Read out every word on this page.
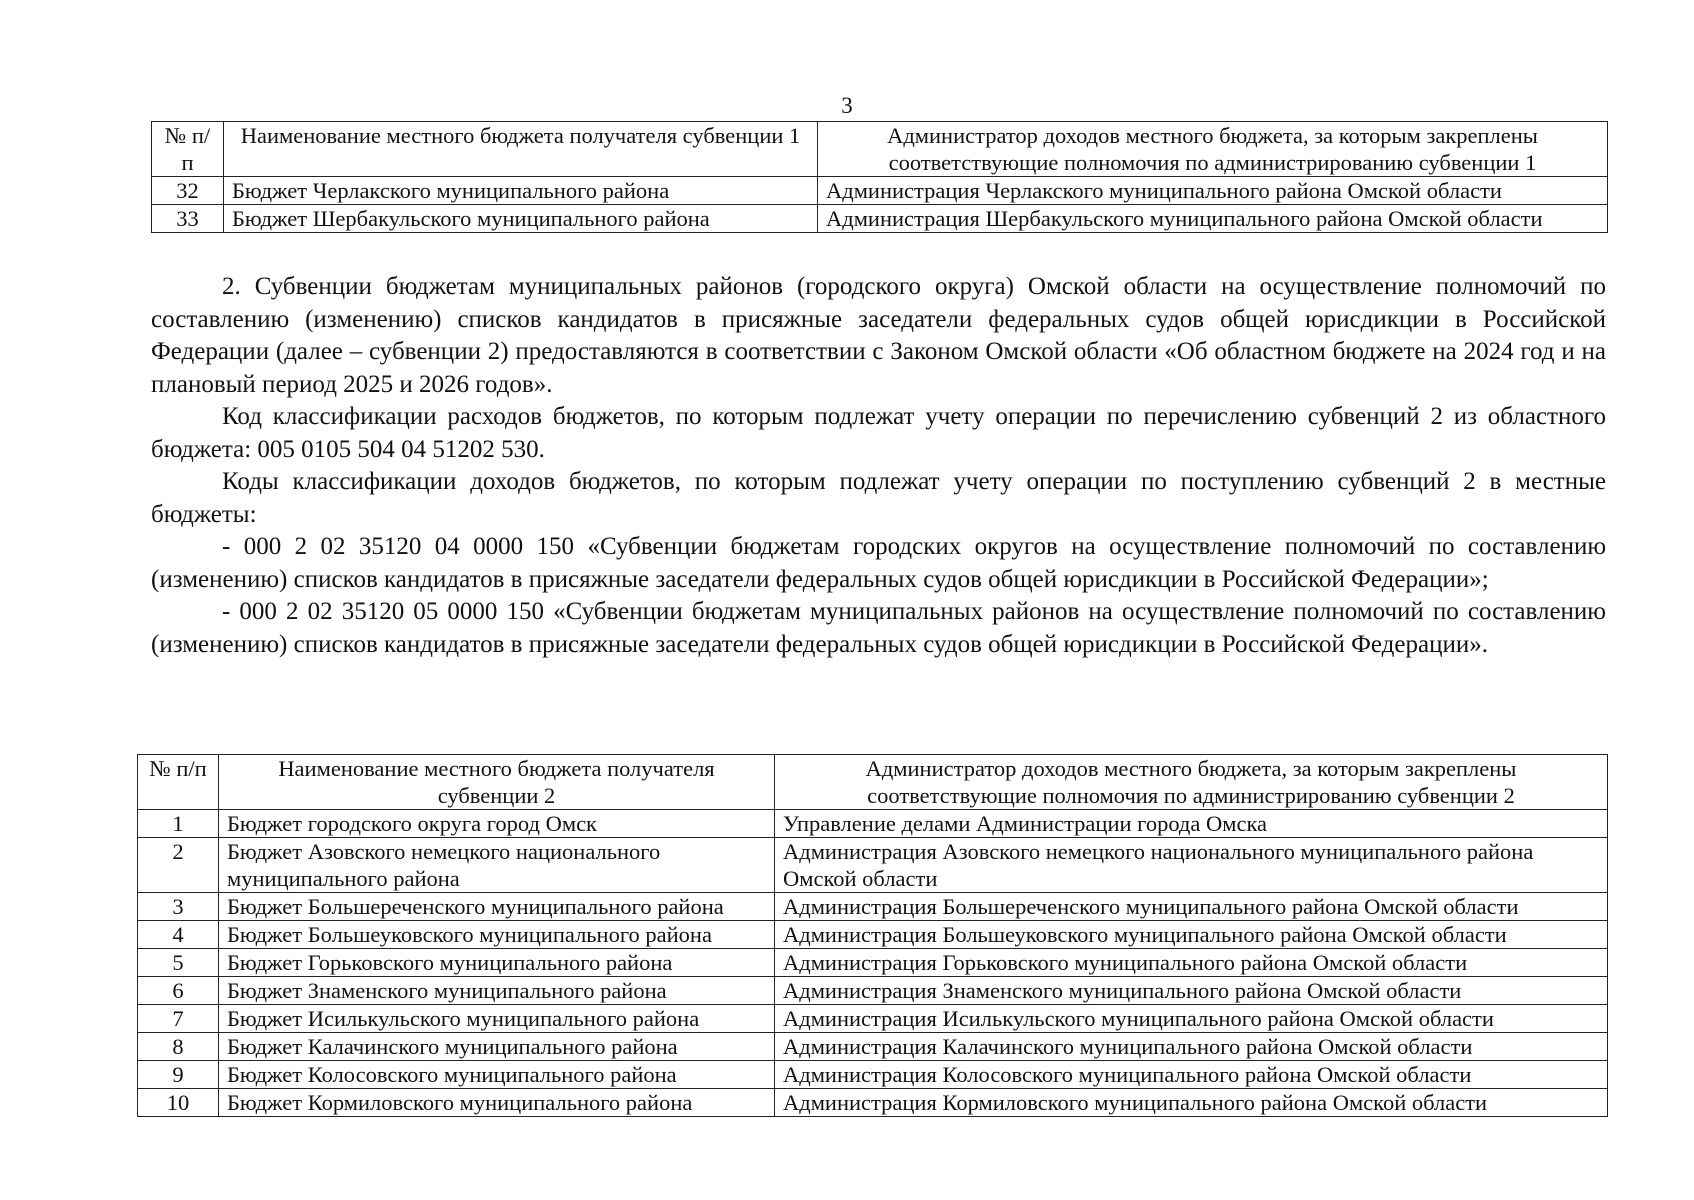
3
№ п/п	Наименование местного бюджета получателя субвенции 1	Администратор доходов местного бюджета, за которым закреплены соответствующие полномочия по администрированию субвенции 1
32	Бюджет Черлакского муниципального района	Администрация Черлакского муниципального района Омской области
33	Бюджет Шербакульского муниципального района	Администрация Шербакульского муниципального района Омской области

2. Субвенции бюджетам муниципальных районов (городского округа) Омской области на осуществление полномочий по составлению (изменению) списков кандидатов в присяжные заседатели федеральных судов общей юрисдикции в Российской Федерации (далее – субвенции 2) предоставляются в соответствии с Законом Омской области «Об областном бюджете на 2024 год и на плановый период 2025 и 2026 годов».

Код классификации расходов бюджетов, по которым подлежат учету операции по перечислению субвенций 2 из областного бюджета: 005 0105 504 04 51202 530.

Коды классификации доходов бюджетов, по которым подлежат учету операции по поступлению субвенций 2 в местные бюджеты:

- 000 2 02 35120 04 0000 150 «Субвенции бюджетам городских округов на осуществление полномочий по составлению (изменению) списков кандидатов в присяжные заседатели федеральных судов общей юрисдикции в Российской Федерации»;

- 000 2 02 35120 05 0000 150 «Субвенции бюджетам муниципальных районов на осуществление полномочий по составлению (изменению) списков кандидатов в присяжные заседатели федеральных судов общей юрисдикции в Российской Федерации».

№ п/п	Наименование местного бюджета получателя субвенции 2	Администратор доходов местного бюджета, за которым закреплены соответствующие полномочия по администрированию субвенции 2
1	Бюджет городского округа город Омск	Управление делами Администрации города Омска
2	Бюджет Азовского немецкого национального муниципального района	Администрация Азовского немецкого национального муниципального района Омской области
3	Бюджет Большереченского муниципального района	Администрация Большереченского муниципального района Омской области
4	Бюджет Большеуковского муниципального района	Администрация Большеуковского муниципального района Омской области
5	Бюджет Горьковского муниципального района	Администрация Горьковского муниципального района Омской области
6	Бюджет Знаменского муниципального района	Администрация Знаменского муниципального района Омской области
7	Бюджет Исилькульского муниципального района	Администрация Исилькульского муниципального района Омской области
8	Бюджет Калачинского муниципального района	Администрация Калачинского муниципального района Омской области
9	Бюджет Колосовского муниципального района	Администрация Колосовского муниципального района Омской области
10	Бюджет Кормиловского муниципального района	Администрация Кормиловского муниципального района Омской области
